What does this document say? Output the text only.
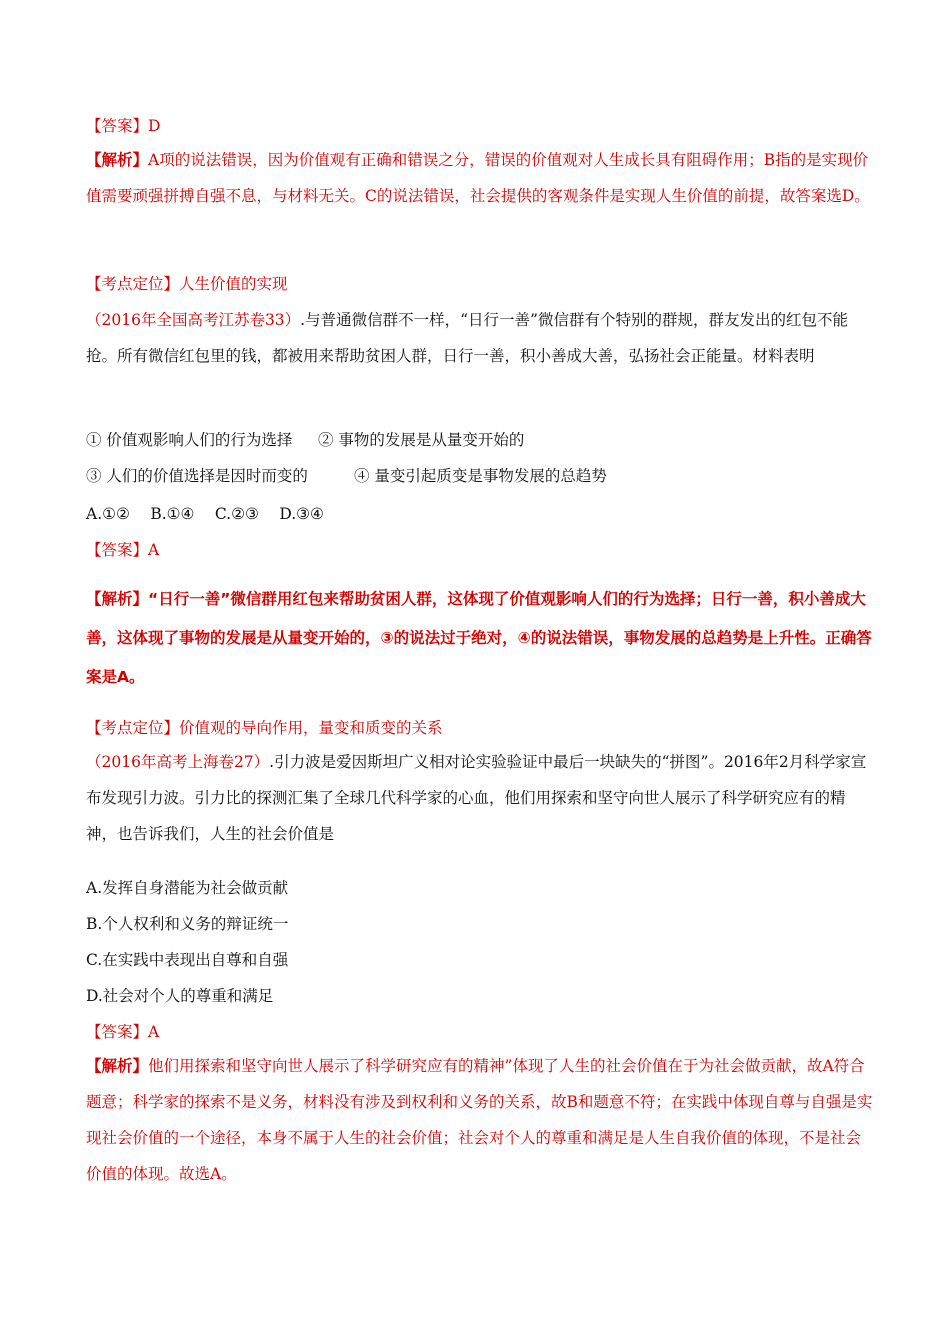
【答案】D
【解析】A项的说法错误，因为价值观有正确和错误之分，错误的价值观对人生成长具有阻碍作用；B指的是实现价值需要顽强拼搏自强不息，与材料无关。C的说法错误，社会提供的客观条件是实现人生价值的前提，故答案选D。
【考点定位】人生价值的实现
（2016年全国高考江苏卷33）.与普通微信群不一样，“日行一善”微信群有个特别的群规，群友发出的红包不能抢。所有微信红包里的钱，都被用来帮助贫困人群，日行一善，积小善成大善，弘扬社会正能量。材料表明
① 价值观影响人们的行为选择 ② 事物的发展是从量变开始的
③ 人们的价值选择是因时而变的	④ 量变引起质变是事物发展的总趋势
A.①②　 B.①④　 C.②③　 D.③④
【答案】A
【解析】“日行一善”微信群用红包来帮助贫困人群，这体现了价值观影响人们的行为选择；日行一善，积小善成大善，这体现了事物的发展是从量变开始的，③的说法过于绝对，④的说法错误，事物发展的总趋势是上升性。正确答案是A。
【考点定位】价值观的导向作用，量变和质变的关系
（2016年高考上海卷27）.引力波是爱因斯坦广义相对论实验验证中最后一块缺失的“拼图”。2016年2月科学家宣布发现引力波。引力比的探测汇集了全球几代科学家的心血，他们用探索和坚守向世人展示了科学研究应有的精神，也告诉我们，人生的社会价值是
A.发挥自身潜能为社会做贡献
B.个人权利和义务的辩证统一
C.在实践中表现出自尊和自强
D.社会对个人的尊重和满足
【答案】A
【解析】他们用探索和坚守向世人展示了科学研究应有的精神”体现了人生的社会价值在于为社会做贡献，故A符合题意；科学家的探索不是义务，材料没有涉及到权利和义务的关系，故B和题意不符；在实践中体现自尊与自强是实现社会价值的一个途径，本身不属于人生的社会价值；社会对个人的尊重和满足是人生自我价值的体现，不是社会价值的体现。故选A。
